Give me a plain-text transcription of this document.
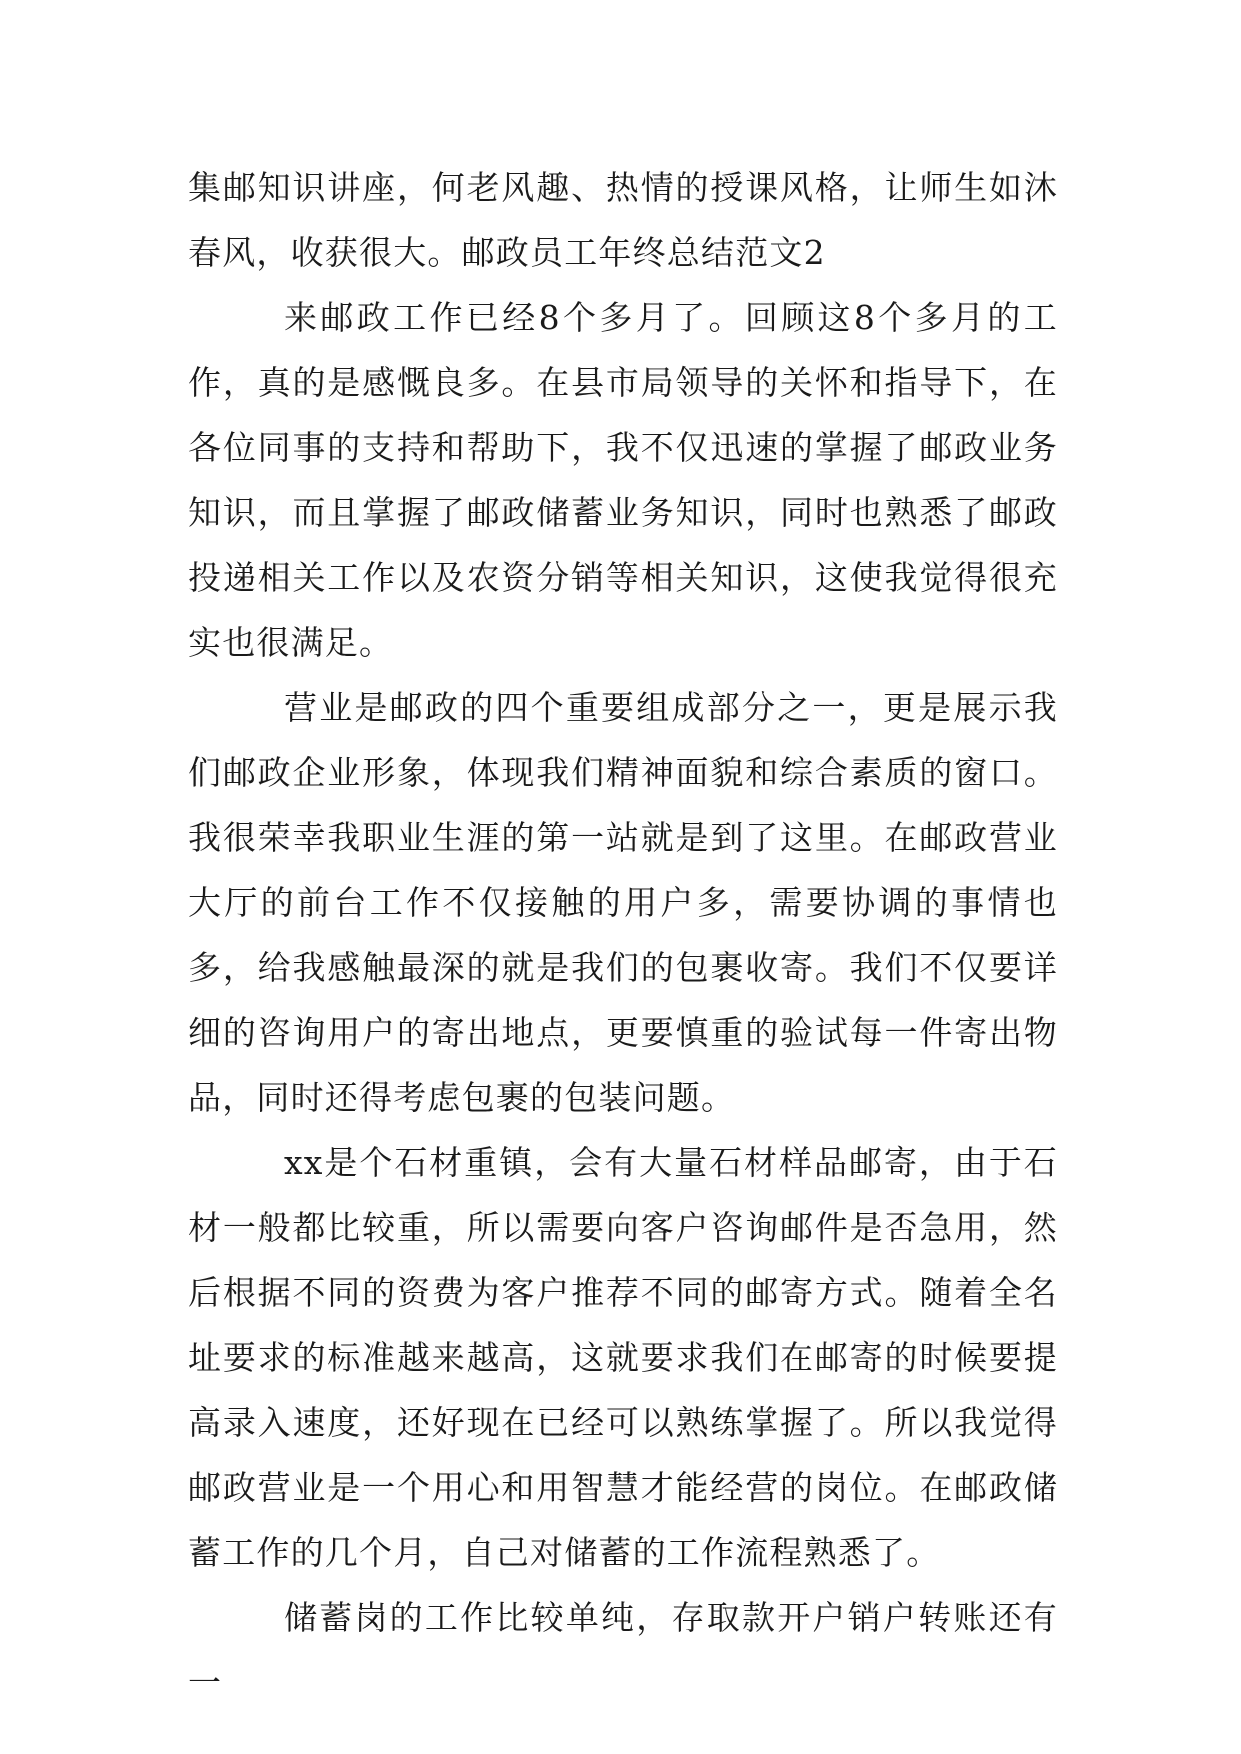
集邮知识讲座，何老风趣、热情的授课风格，让师生如沐春风，收获很大。邮政员工年终总结范文2

来邮政工作已经8个多月了。回顾这8个多月的工作，真的是感慨良多。在县市局领导的关怀和指导下，在各位同事的支持和帮助下，我不仅迅速的掌握了邮政业务知识，而且掌握了邮政储蓄业务知识，同时也熟悉了邮政投递相关工作以及农资分销等相关知识，这使我觉得很充实也很满足。

营业是邮政的四个重要组成部分之一，更是展示我们邮政企业形象，体现我们精神面貌和综合素质的窗口。我很荣幸我职业生涯的第一站就是到了这里。在邮政营业大厅的前台工作不仅接触的用户多，需要协调的事情也多，给我感触最深的就是我们的包裹收寄。我们不仅要详细的咨询用户的寄出地点，更要慎重的验试每一件寄出物品，同时还得考虑包裹的包装问题。

xx是个石材重镇，会有大量石材样品邮寄，由于石材一般都比较重，所以需要向客户咨询邮件是否急用，然后根据不同的资费为客户推荐不同的邮寄方式。随着全名址要求的标准越来越高，这就要求我们在邮寄的时候要提高录入速度，还好现在已经可以熟练掌握了。所以我觉得邮政营业是一个用心和用智慧才能经营的岗位。在邮政储蓄工作的几个月，自己对储蓄的工作流程熟悉了。

储蓄岗的工作比较单纯，存取款开户销户转账还有一
